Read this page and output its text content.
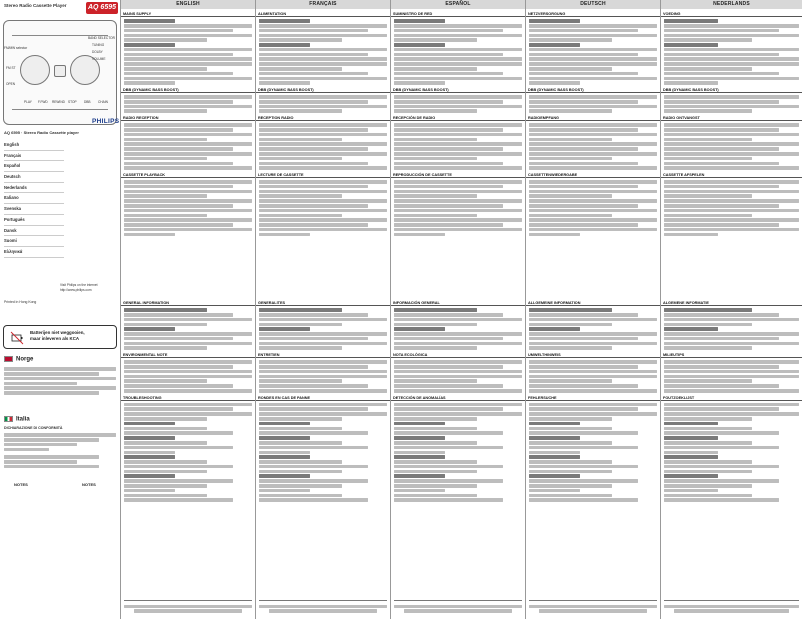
Stereo Radio Cassette Player	AQ 6595
FM/MW selector
BAND SELECTOR
TUNING
DOLBY
VOLUME
FM ST
OPEN
PLAY F.FWD REWIND STOP DBB CHAIN
PHILIPS
AQ 6595 · Stereo Radio Cassette player
English
Français
Español
Deutsch
Nederlands
Italiano
Svenska
Português
Dansk
Suomi
Ελληνικά
Visit Philips on the internet
http://www.philips.com
Printed in Hong Kong
Batterijen niet weggooien,
maar inleveren als KCA
Norge
Italia
DICHIARAZIONE DI CONFORMITÀ
NOTES	NOTES
ENGLISH
MAINS SUPPLY
DBB (DYNAMIC BASS BOOST)
RADIO RECEPTION
CASSETTE PLAYBACK
GENERAL INFORMATION
ENVIRONMENTAL NOTE
TROUBLESHOOTING
FRANÇAIS
ALIMENTATION
DBB (DYNAMIC BASS BOOST)
RECEPTION RADIO
LECTURE DE CASSETTE
GENERALITES
ENTRETIEN
RONDES EN CAS DE PANNE
ESPAÑOL
SUMINISTRO DE RED
DBB (DYNAMIC BASS BOOST)
RECEPCIÓN DE RADIO
REPRODUCCIÓN DE CASSETTE
INFORMACIÓN GENERAL
NOTA ECOLÓGICA
DETECCIÓN DE ANOMALÍAS
DEUTSCH
NETZVERSORGUNG
DBB (DYNAMIC BASS BOOST)
RADIOEMPFANG
CASSETTENWIEDERGABE
ALLGEMEINE INFORMATION
UMWELTHINWEIS
FEHLERSUCHE
NEDERLANDS
VOEDING
DBB (DYNAMIC BASS BOOST)
RADIO ONTVANGST
CASSETTE AFSPELEN
ALGEMENE INFORMATIE
MILIEUTIPS
FOUTZOEKLIJST
